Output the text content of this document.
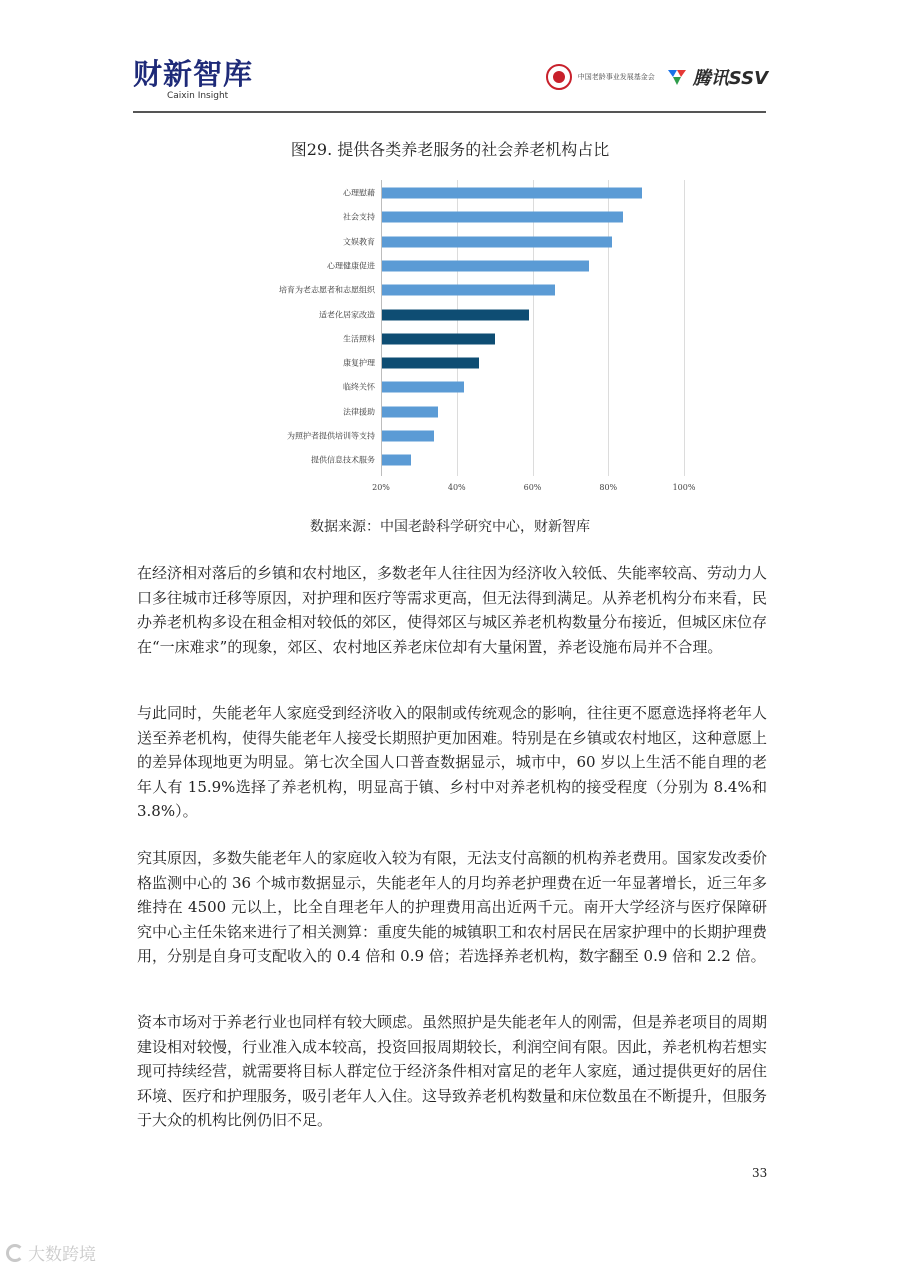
财新智库
Caixin Insight
中国老龄事业发展基金会 腾讯SSV
图29. 提供各类养老服务的社会养老机构占比
20%	40%	60%	80%	100%
心理慰藉
社会支持
文娱教育
心理健康促进
培育为老志愿者和志愿组织
适老化居家改造
生活照料
康复护理
临终关怀
法律援助
为照护者提供培训等支持
提供信息技术服务
数据来源：中国老龄科学研究中心，财新智库

在经济相对落后的乡镇和农村地区，多数老年人往往因为经济收入较低、失能率较高、劳动力人口多往城市迁移等原因，对护理和医疗等需求更高，但无法得到满足。从养老机构分布来看，民办养老机构多设在租金相对较低的郊区，使得郊区与城区养老机构数量分布接近，但城区床位存在“一床难求”的现象，郊区、农村地区养老床位却有大量闲置，养老设施布局并不合理。

与此同时，失能老年人家庭受到经济收入的限制或传统观念的影响，往往更不愿意选择将老年人送至养老机构，使得失能老年人接受长期照护更加困难。特别是在乡镇或农村地区，这种意愿上的差异体现地更为明显。第七次全国人口普查数据显示，城市中，60 岁以上生活不能自理的老年人有 15.9%选择了养老机构，明显高于镇、乡村中对养老机构的接受程度（分别为 8.4%和 3.8%）。

究其原因，多数失能老年人的家庭收入较为有限，无法支付高额的机构养老费用。国家发改委价格监测中心的 36 个城市数据显示，失能老年人的月均养老护理费在近一年显著增长，近三年多维持在 4500 元以上，比全自理老年人的护理费用高出近两千元。南开大学经济与医疗保障研究中心主任朱铭来进行了相关测算：重度失能的城镇职工和农村居民在居家护理中的长期护理费用，分别是自身可支配收入的 0.4 倍和 0.9 倍；若选择养老机构，数字翻至 0.9 倍和 2.2 倍。

资本市场对于养老行业也同样有较大顾虑。虽然照护是失能老年人的刚需，但是养老项目的周期建设相对较慢，行业准入成本较高，投资回报周期较长，利润空间有限。因此，养老机构若想实现可持续经营，就需要将目标人群定位于经济条件相对富足的老年人家庭，通过提供更好的居住环境、医疗和护理服务，吸引老年人入住。这导致养老机构数量和床位数虽在不断提升，但服务于大众的机构比例仍旧不足。

33
大数跨境
